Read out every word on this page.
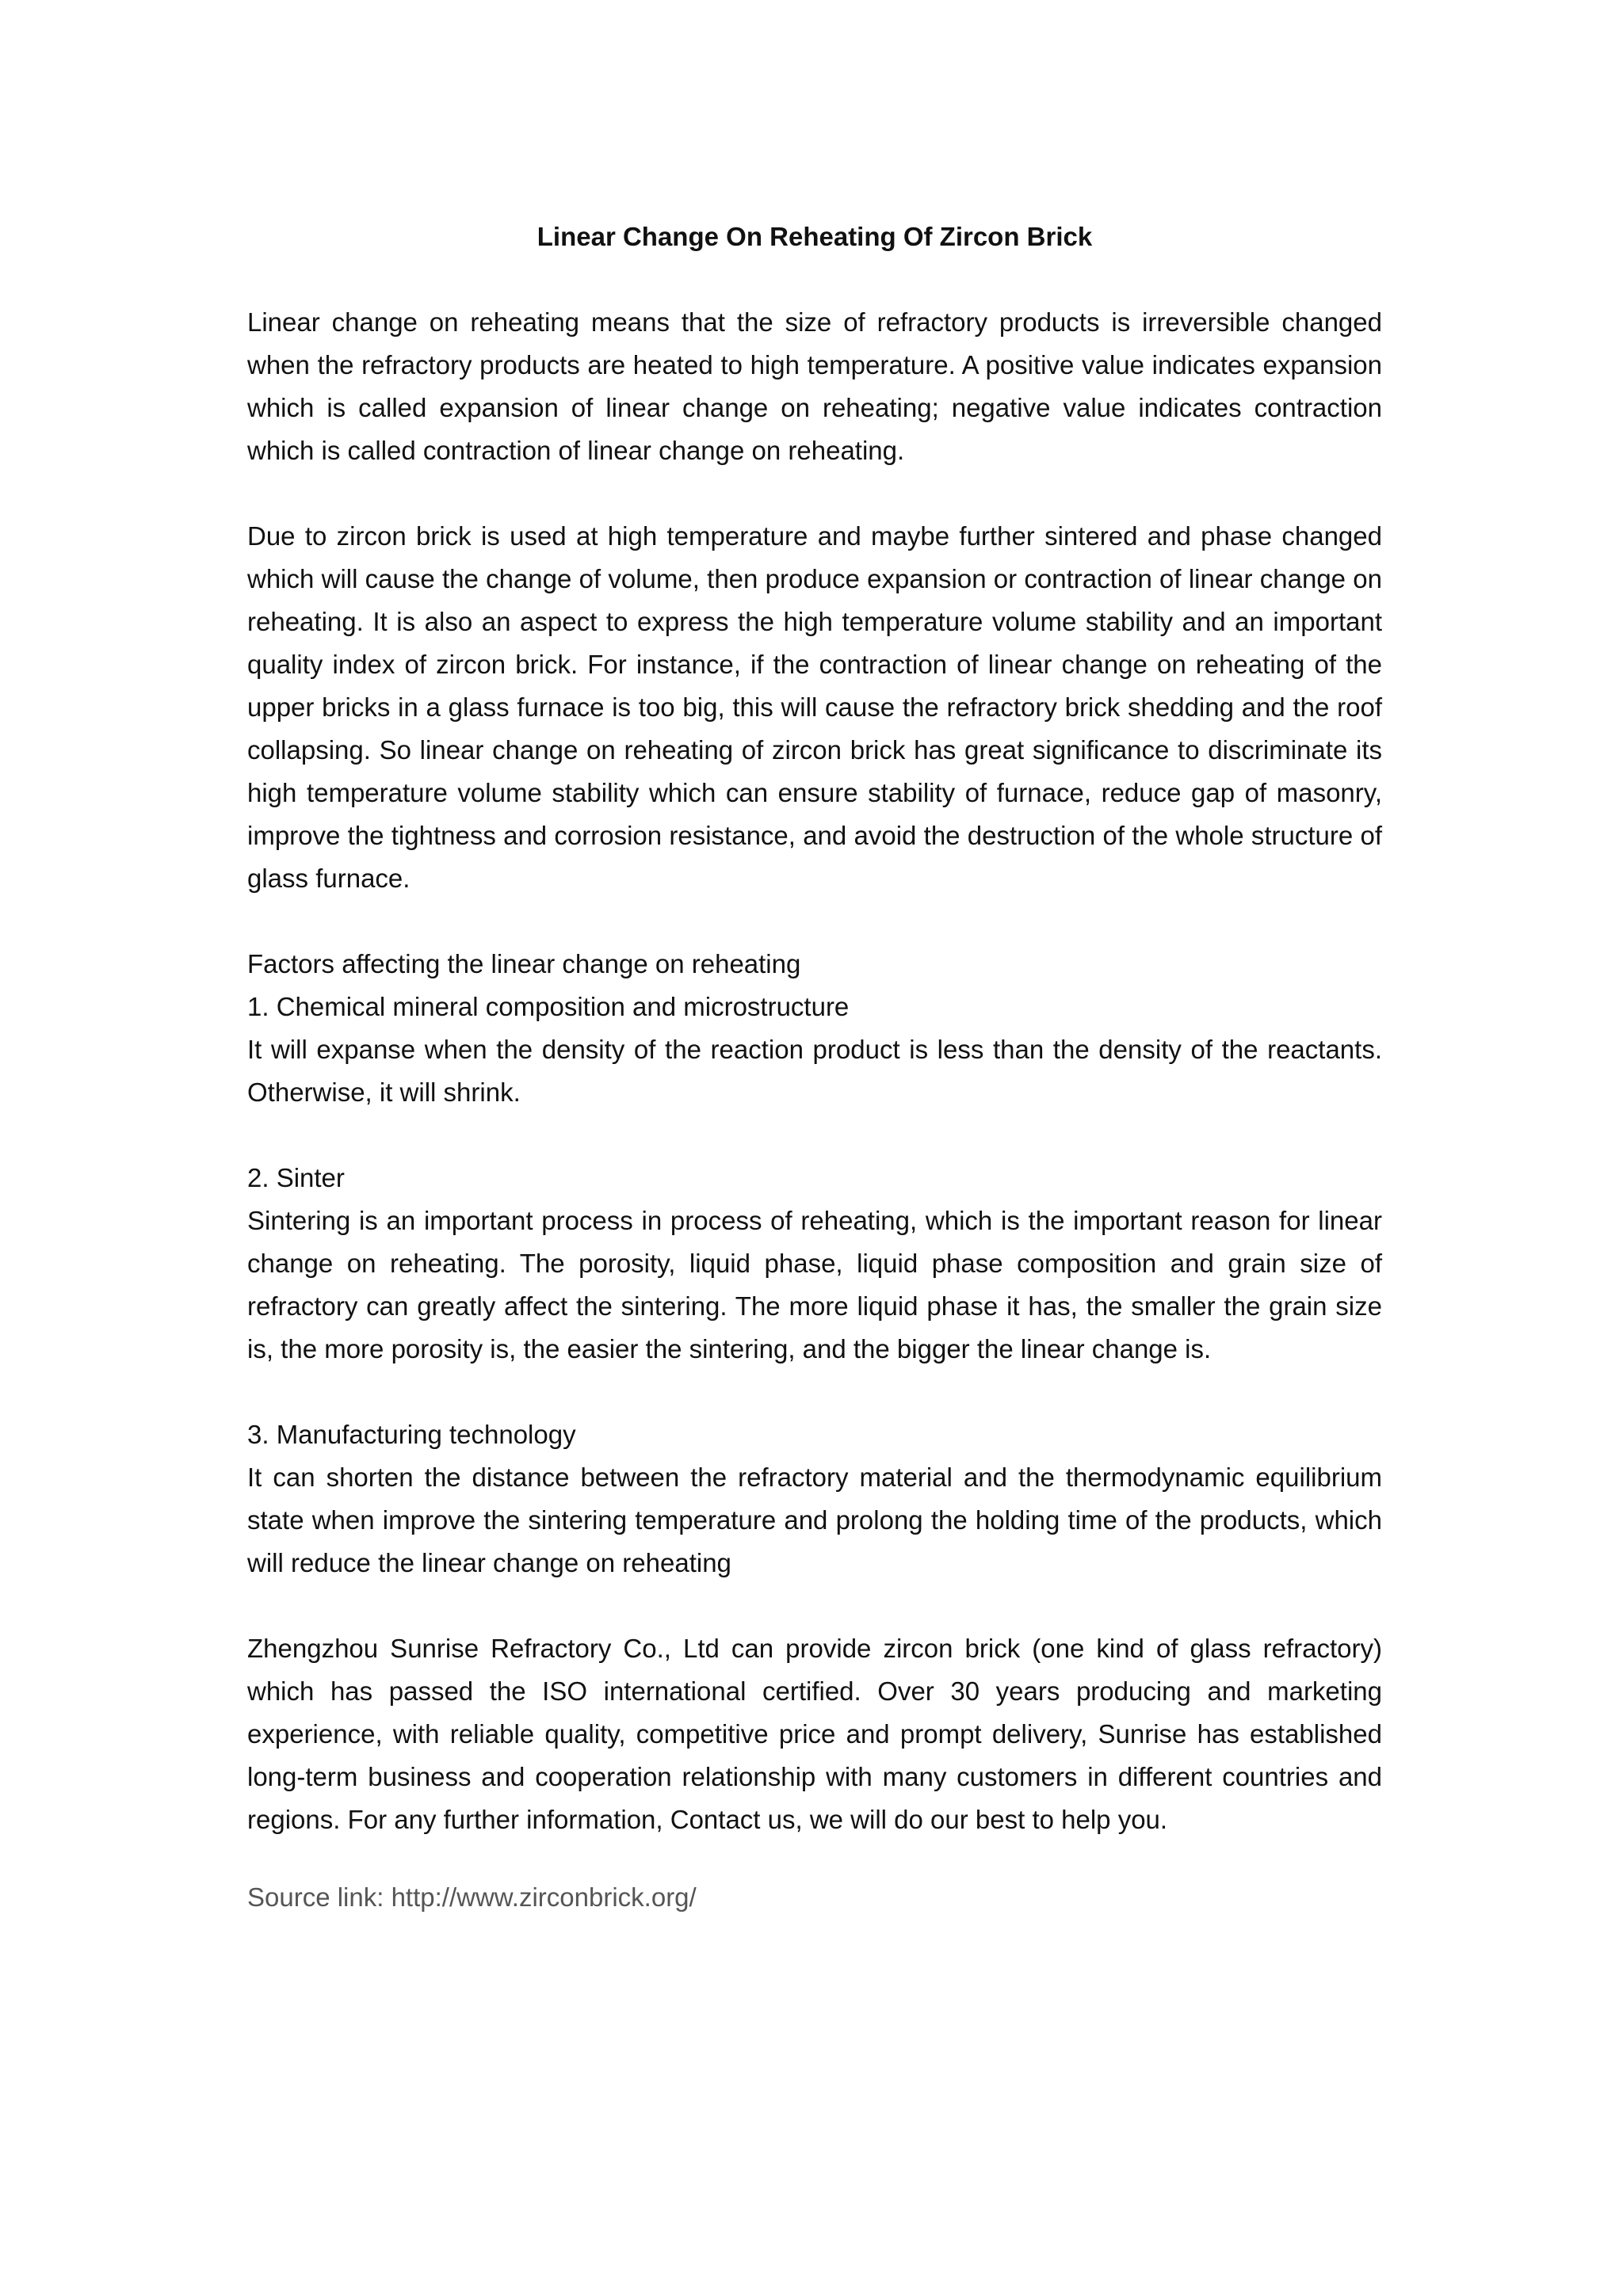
Linear Change On Reheating Of Zircon Brick

Linear change on reheating means that the size of refractory products is irreversible changed when the refractory products are heated to high temperature. A positive value indicates expansion which is called expansion of linear change on reheating; negative value indicates contraction which is called contraction of linear change on reheating.

Due to zircon brick is used at high temperature and maybe further sintered and phase changed which will cause the change of volume, then produce expansion or contraction of linear change on reheating. It is also an aspect to express the high temperature volume stability and an important quality index of zircon brick. For instance, if the contraction of linear change on reheating of the upper bricks in a glass furnace is too big, this will cause the refractory brick shedding and the roof collapsing. So linear change on reheating of zircon brick has great significance to discriminate its high temperature volume stability which can ensure stability of furnace, reduce gap of masonry, improve the tightness and corrosion resistance, and avoid the destruction of the whole structure of glass furnace.

Factors affecting the linear change on reheating

1. Chemical mineral composition and microstructure

It will expanse when the density of the reaction product is less than the density of the reactants. Otherwise, it will shrink.

2. Sinter

Sintering is an important process in process of reheating, which is the important reason for linear change on reheating. The porosity, liquid phase, liquid phase composition and grain size of refractory can greatly affect the sintering. The more liquid phase it has, the smaller the grain size is, the more porosity is, the easier the sintering, and the bigger the linear change is.

3. Manufacturing technology

It can shorten the distance between the refractory material and the thermodynamic equilibrium state when improve the sintering temperature and prolong the holding time of the products, which will reduce the linear change on reheating

Zhengzhou Sunrise Refractory Co., Ltd can provide zircon brick (one kind of glass refractory) which has passed the ISO international certified. Over 30 years producing and marketing experience, with reliable quality, competitive price and prompt delivery, Sunrise has established long-term business and cooperation relationship with many customers in different countries and regions. For any further information, Contact us, we will do our best to help you.

Source link: http://www.zirconbrick.org/
